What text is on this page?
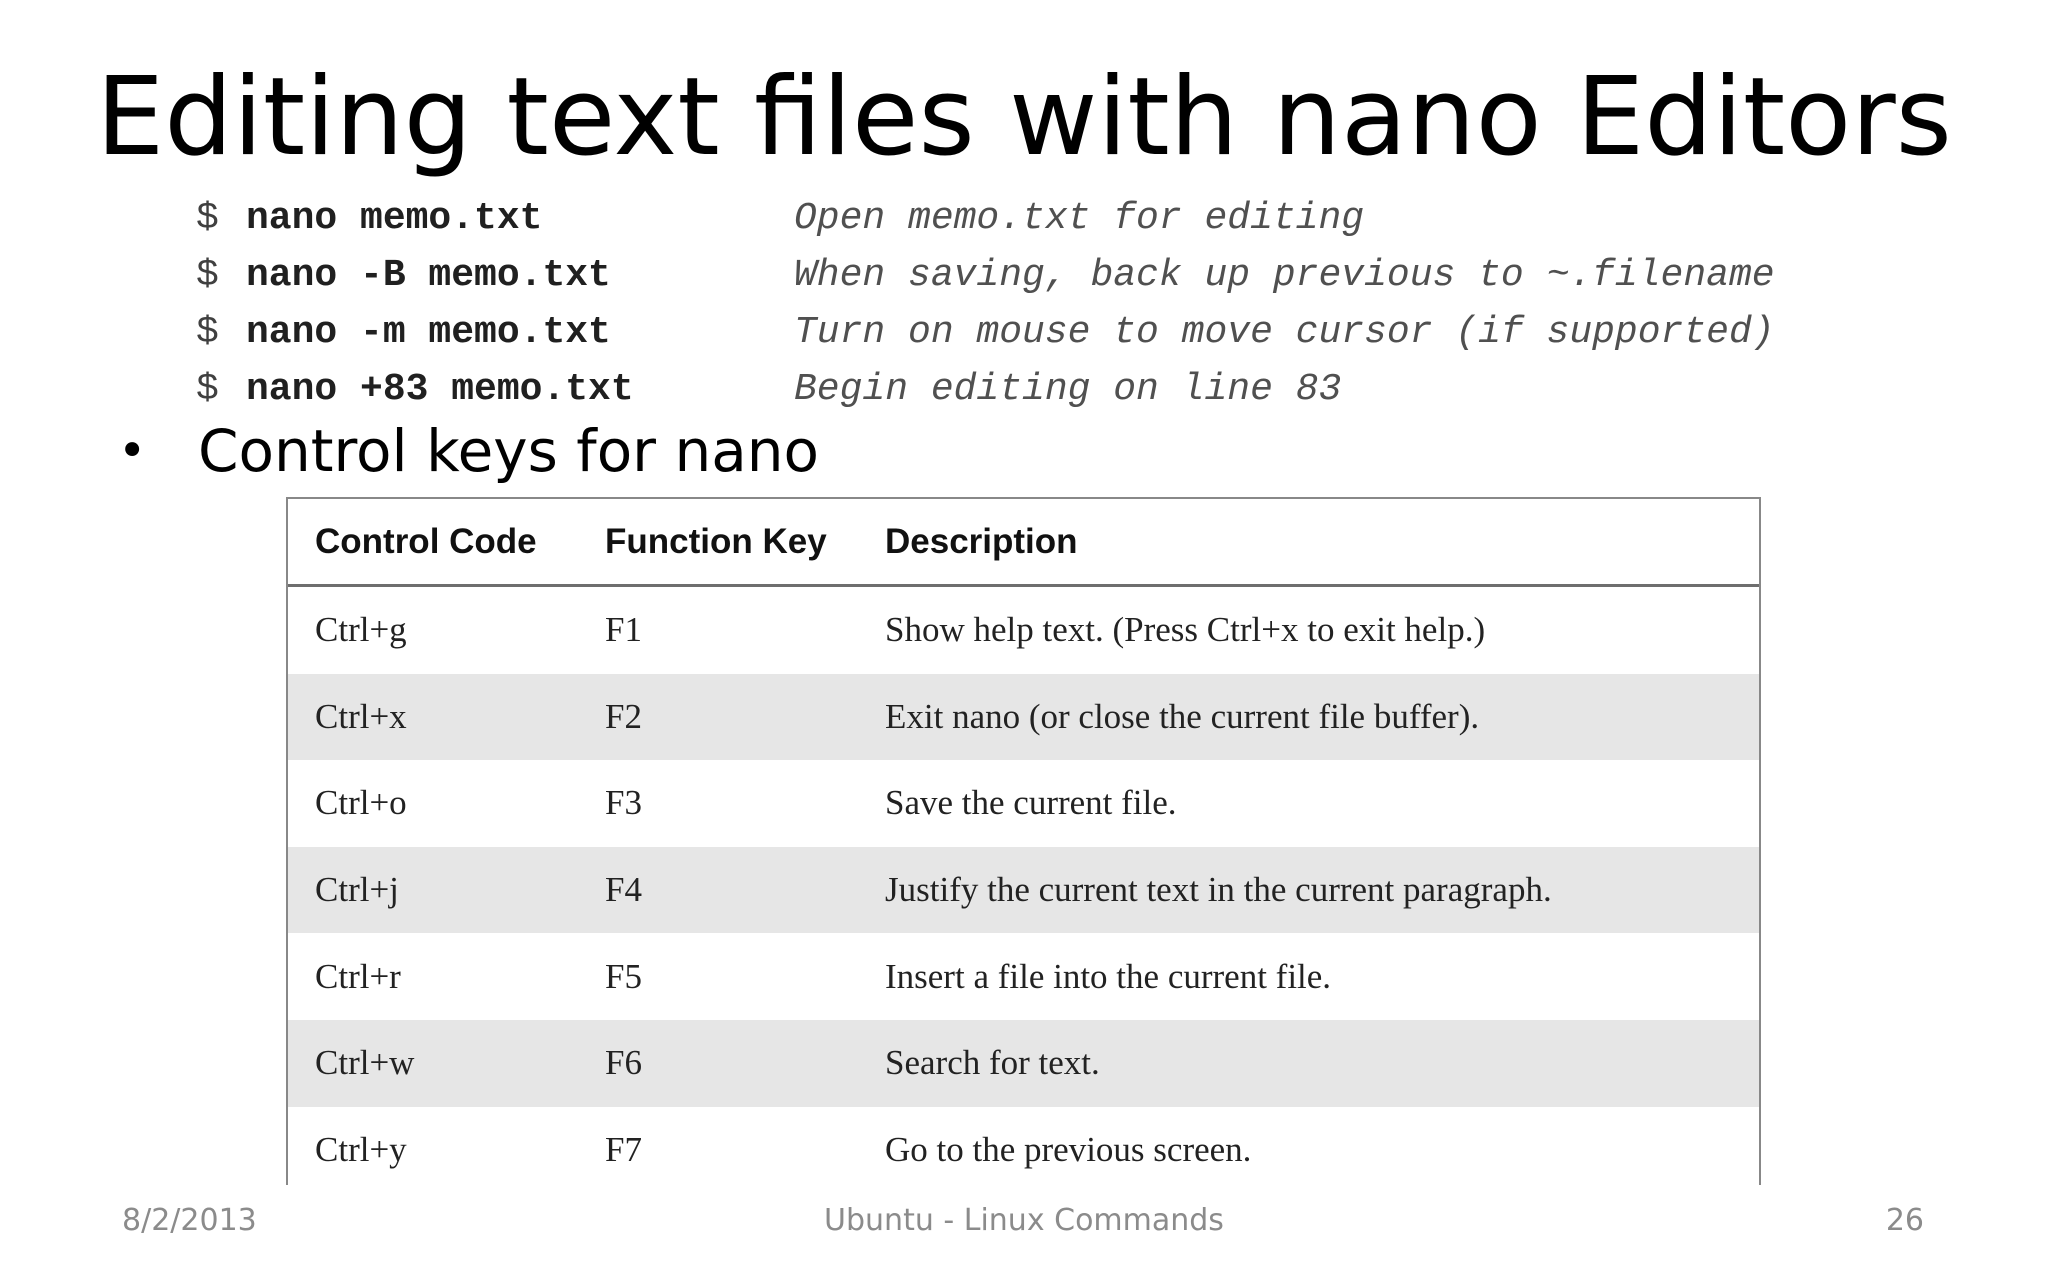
Editing text files with nano Editors
$ nano memo.txt	Open memo.txt for editing
$ nano -B memo.txt	When saving, back up previous to ~.filename
$ nano -m memo.txt	Turn on mouse to move cursor (if supported)
$ nano +83 memo.txt	Begin editing on line 83
• Control keys for nano
Control Code	Function Key	Description
Ctrl+g	F1	Show help text. (Press Ctrl+x to exit help.)
Ctrl+x	F2	Exit nano (or close the current file buffer).
Ctrl+o	F3	Save the current file.
Ctrl+j	F4	Justify the current text in the current paragraph.
Ctrl+r	F5	Insert a file into the current file.
Ctrl+w	F6	Search for text.
Ctrl+y	F7	Go to the previous screen.
8/2/2013	Ubuntu - Linux Commands	26
